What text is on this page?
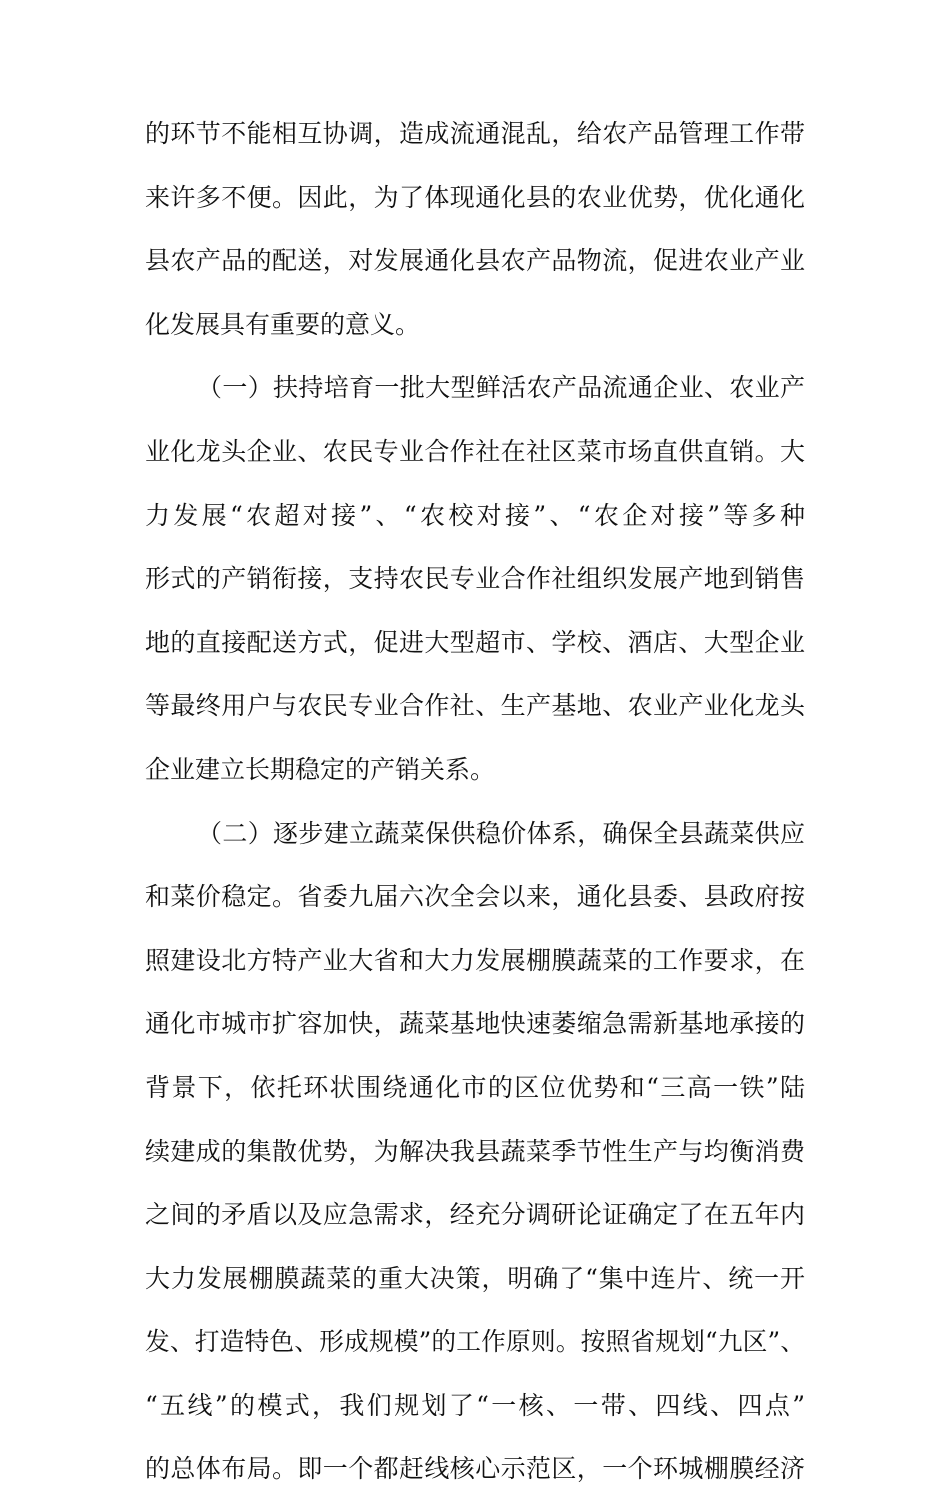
的环节不能相互协调，造成流通混乱，给农产品管理工作带
来许多不便。因此，为了体现通化县的农业优势，优化通化
县农产品的配送，对发展通化县农产品物流，促进农业产业
化发展具有重要的意义。
（一）扶持培育一批大型鲜活农产品流通企业、农业产
业化龙头企业、农民专业合作社在社区菜市场直供直销。大
力发展“农超对接”、“农校对接”、“农企对接”等多种
形式的产销衔接，支持农民专业合作社组织发展产地到销售
地的直接配送方式，促进大型超市、学校、酒店、大型企业
等最终用户与农民专业合作社、生产基地、农业产业化龙头
企业建立长期稳定的产销关系。
（二）逐步建立蔬菜保供稳价体系，确保全县蔬菜供应
和菜价稳定。省委九届六次全会以来，通化县委、县政府按
照建设北方特产业大省和大力发展棚膜蔬菜的工作要求，在
通化市城市扩容加快，蔬菜基地快速萎缩急需新基地承接的
背景下，依托环状围绕通化市的区位优势和“三高一铁”陆
续建成的集散优势，为解决我县蔬菜季节性生产与均衡消费
之间的矛盾以及应急需求，经充分调研论证确定了在五年内
大力发展棚膜蔬菜的重大决策，明确了“集中连片、统一开
发、打造特色、形成规模”的工作原则。按照省规划“九区”、
“五线”的模式，我们规划了“一核、一带、四线、四点”
的总体布局。即一个都赶线核心示范区，一个环城棚膜经济
